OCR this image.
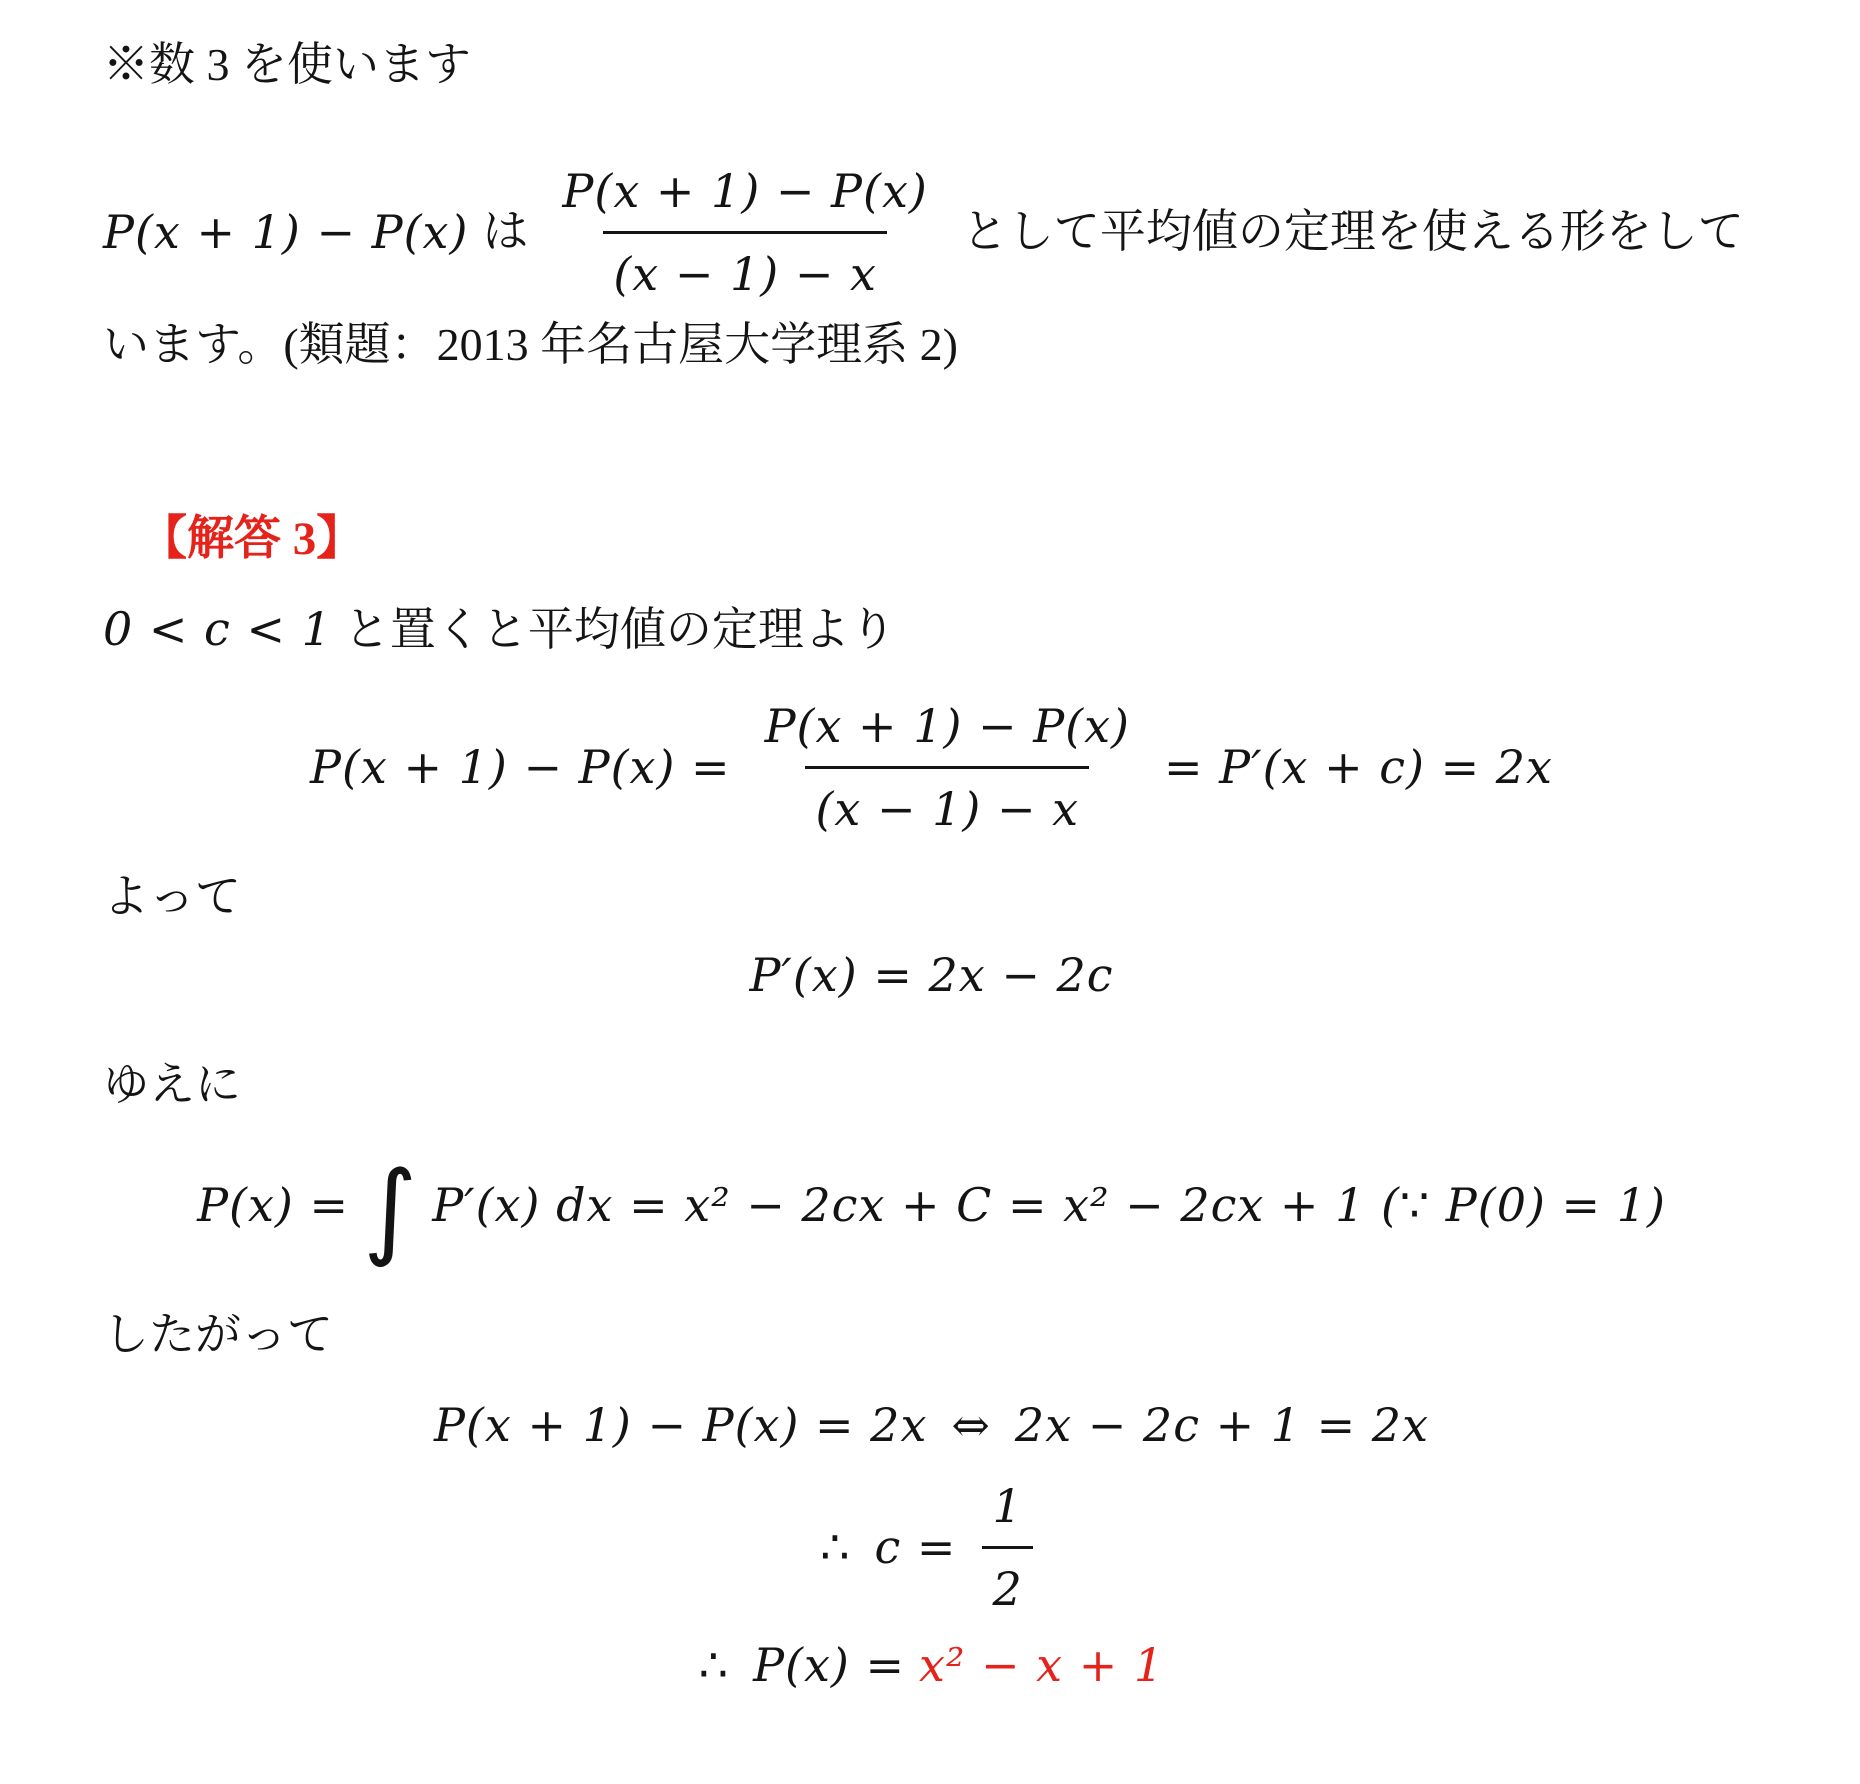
※数 3 を使います

P(x + 1) − P(x) は $\frac{P(x + 1) - P(x)}{(x - 1) - x}$ として平均値の定理を使える形をして

います。(類題：2013 年名古屋大学理系 2)

【解答 3】
0 < c < 1 と置くと平均値の定理より
$P(x + 1) - P(x) = \frac{P(x + 1) - P(x)}{(x - 1) - x} = P'(x + c) = 2x$

よって

P′(x) = 2x − 2c

ゆえに

P(x) = ∫ P′(x) dx = x² − 2cx + C = x² − 2cx + 1 (∵ P(0) = 1)

したがって

P(x + 1) − P(x) = 2x ⇔ 2x − 2c + 1 = 2x
∴ $c = \frac{1}{2}$
∴ P(x) = x² − x + 1
